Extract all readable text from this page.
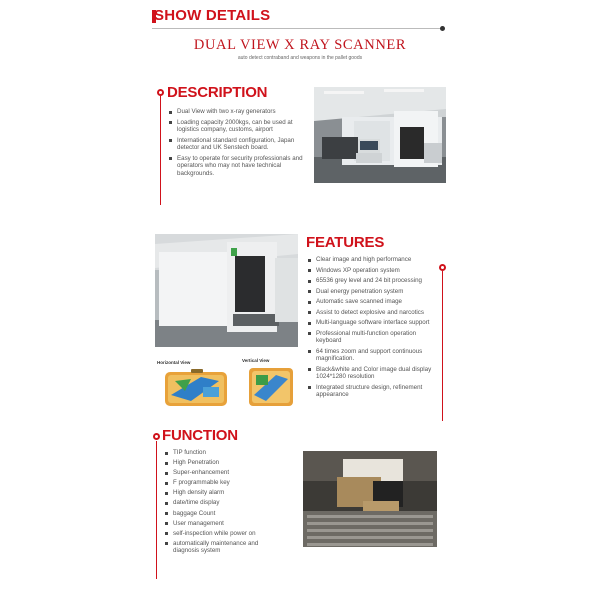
SHOW DETAILS
DUAL VIEW X RAY SCANNER
auto detect contraband and weapons in the pallet goods
DESCRIPTION
Dual View with two x-ray generators
Loading capacity 2000kgs, can be used at logistics company, customs, airport
International standard configuration, Japan detector and UK Senstech board.
Easy to operate for security professionals and operators who may not have technical backgrounds.
Horizontal View	Vertical View
FEATURES
Clear image and high performance
Windows XP operation system
65536 grey level and 24 bit processing
Dual energy penetration system
Automatic save scanned image
Assist to detect explosive and narcotics
Multi-language software interface support
Professional multi-function operation keyboard
64 times zoom and support continuous magnification.
Black&white and Color image dual display 1024*1280 resolution
Integrated structure design, refinement appearance
FUNCTION
TIP function
High Penetration
Super-enhancement
F programmable key
High density alarm
date/time display
baggage Count
User management
self-inspection while power on
automatically maintenance and diagnosis system
